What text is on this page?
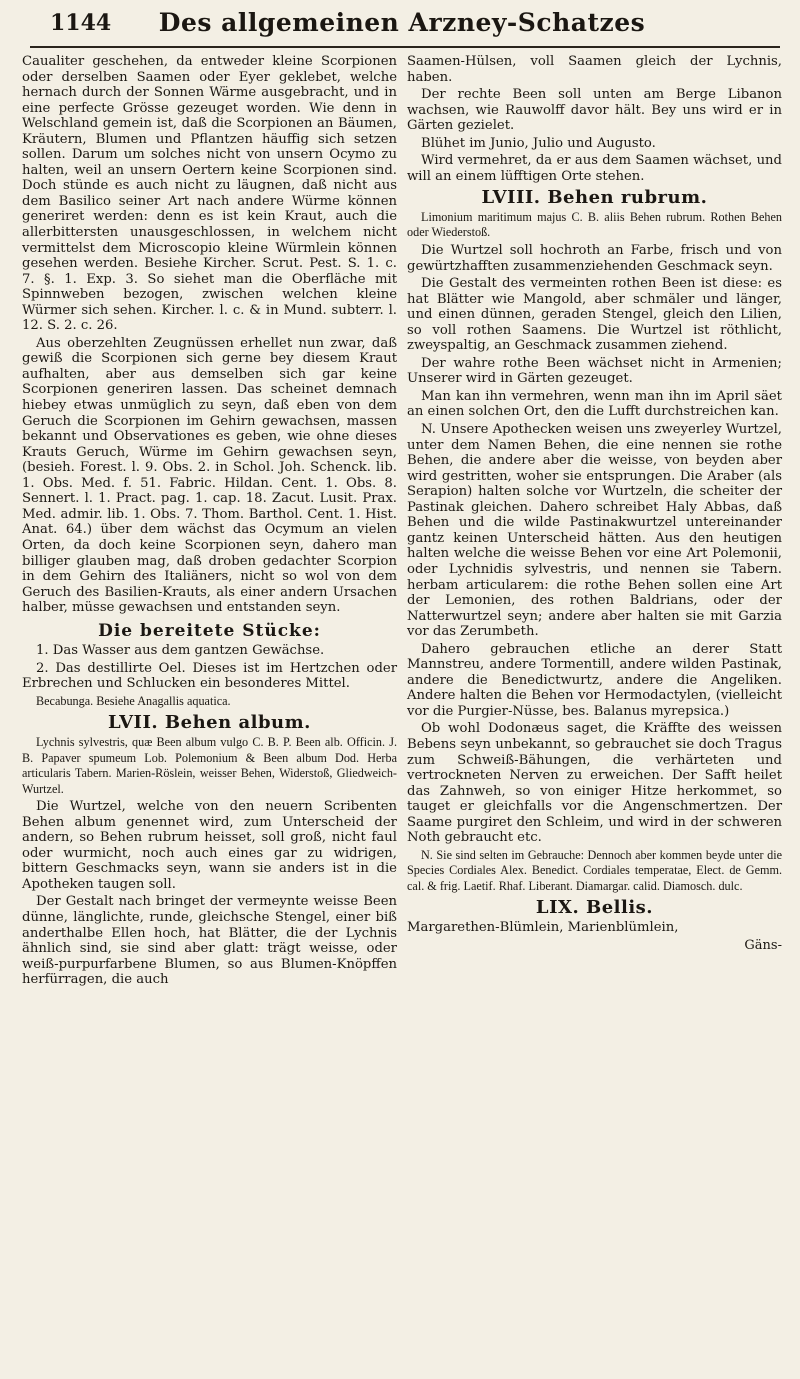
1144	Des allgemeinen Arzney-Schatzes

Caualiter geschehen, da entweder kleine Scorpionen oder derselben Saamen oder Eyer geklebet, welche hernach durch der Sonnen Wärme ausgebracht, und in eine perfecte Grösse gezeuget worden. Wie denn in Welschland gemein ist, daß die Scorpionen an Bäumen, Kräutern, Blumen und Pflantzen häuffig sich setzen sollen. Darum um solches nicht von unsern Ocymo zu halten, weil an unsern Oertern keine Scorpionen sind. Doch stünde es auch nicht zu läugnen, daß nicht aus dem Basilico seiner Art nach andere Würme können generiret werden: denn es ist kein Kraut, auch die allerbittersten unausgeschlossen, in welchem nicht vermittelst dem Microscopio kleine Würmlein können gesehen werden. Besiehe Kircher. Scrut. Pest. S. 1. c. 7. §. 1. Exp. 3. So siehet man die Oberfläche mit Spinnweben bezogen, zwischen welchen kleine Würmer sich sehen. Kircher. l. c. & in Mund. subterr. l. 12. S. 2. c. 26.

Aus oberzehlten Zeugnüssen erhellet nun zwar, daß gewiß die Scorpionen sich gerne bey diesem Kraut aufhalten, aber aus demselben sich gar keine Scorpionen generiren lassen. Das scheinet demnach hiebey etwas unmüglich zu seyn, daß eben von dem Geruch die Scorpionen im Gehirn gewachsen, massen bekannt und Observationes es geben, wie ohne dieses Krauts Geruch, Würme im Gehirn gewachsen seyn, (besieh. Forest. l. 9. Obs. 2. in Schol. Joh. Schenck. lib. 1. Obs. Med. f. 51. Fabric. Hildan. Cent. 1. Obs. 8. Sennert. l. 1. Pract. pag. 1. cap. 18. Zacut. Lusit. Prax. Med. admir. lib. 1. Obs. 7. Thom. Barthol. Cent. 1. Hist. Anat. 64.) über dem wächst das Ocymum an vielen Orten, da doch keine Scorpionen seyn, dahero man billiger glauben mag, daß droben gedachter Scorpion in dem Gehirn des Italiäners, nicht so wol von dem Geruch des Basilien-Krauts, als einer andern Ursachen halber, müsse gewachsen und entstanden seyn.

Die bereitete Stücke:

1. Das Wasser aus dem gantzen Gewächse.

2. Das destillirte Oel. Dieses ist im Hertzchen oder Erbrechen und Schlucken ein besonderes Mittel.

Becabunga. Besiehe Anagallis aquatica.

LVII. Behen album.

Lychnis sylvestris, quæ Been album vulgo C. B. P. Been alb. Officin. J. B. Papaver spumeum Lob. Polemonium & Been album Dod. Herba articularis Tabern. Marien-Röslein, weisser Behen, Widerstoß, Gliedweich-Wurtzel.

Die Wurtzel, welche von den neuern Scribenten Behen album genennet wird, zum Unterscheid der andern, so Behen rubrum heisset, soll groß, nicht faul oder wurmicht, noch auch eines gar zu widrigen, bittern Geschmacks seyn, wann sie anders ist in die Apotheken taugen soll.

Der Gestalt nach bringet der vermeynte weisse Been dünne, länglichte, runde, gleichsche Stengel, einer biß anderthalbe Ellen hoch, hat Blätter, die der Lychnis ähnlich sind, sie sind aber glatt: trägt weisse, oder weiß-purpurfarbene Blumen, so aus Blumen-Knöpffen herfürragen, die auch

Saamen-Hülsen, voll Saamen gleich der Lychnis, haben.

Der rechte Been soll unten am Berge Libanon wachsen, wie Rauwolff davor hält. Bey uns wird er in Gärten gezielet.

Blühet im Junio, Julio und Augusto.

Wird vermehret, da er aus dem Saamen wächset, und will an einem lüfftigen Orte stehen.

LVIII. Behen rubrum.

Limonium maritimum majus C. B. aliis Behen rubrum. Rothen Behen oder Wiederstoß.

Die Wurtzel soll hochroth an Farbe, frisch und von gewürtzhafften zusammenziehenden Geschmack seyn.

Die Gestalt des vermeinten rothen Been ist diese: es hat Blätter wie Mangold, aber schmäler und länger, und einen dünnen, geraden Stengel, gleich den Lilien, so voll rothen Saamens. Die Wurtzel ist röthlicht, zweyspaltig, an Geschmack zusammen ziehend.

Der wahre rothe Been wächset nicht in Armenien; Unserer wird in Gärten gezeuget.

Man kan ihn vermehren, wenn man ihn im April säet an einen solchen Ort, den die Lufft durchstreichen kan.

N. Unsere Apothecken weisen uns zweyerley Wurtzel, unter dem Namen Behen, die eine nennen sie rothe Behen, die andere aber die weisse, von beyden aber wird gestritten, woher sie entsprungen. Die Araber (als Serapion) halten solche vor Wurtzeln, die scheiter der Pastinak gleichen. Dahero schreibet Haly Abbas, daß Behen und die wilde Pastinakwurtzel untereinander gantz keinen Unterscheid hätten. Aus den heutigen halten welche die weisse Behen vor eine Art Polemonii, oder Lychnidis sylvestris, und nennen sie Tabern. herbam articularem: die rothe Behen sollen eine Art der Lemonien, des rothen Baldrians, oder der Natterwurtzel seyn; andere aber halten sie mit Garzia vor das Zerumbeth.

Dahero gebrauchen etliche an derer Statt Mannstreu, andere Tormentill, andere wilden Pastinak, andere die Benedictwurtz, andere die Angeliken. Andere halten die Behen vor Hermodactylen, (vielleicht vor die Purgier-Nüsse, bes. Balanus myrepsica.)

Ob wohl Dodonæus saget, die Kräffte des weissen Bebens seyn unbekannt, so gebrauchet sie doch Tragus zum Schweiß-Bähungen, die verhärteten und vertrockneten Nerven zu erweichen. Der Safft heilet das Zahnweh, so von einiger Hitze herkommet, so tauget er gleichfalls vor die Angenschmertzen. Der Saame purgiret den Schleim, und wird in der schweren Noth gebraucht etc.

N. Sie sind selten im Gebrauche: Dennoch aber kommen beyde unter die Species Cordiales Alex. Benedict. Cordiales temperatae, Elect. de Gemm. cal. & frig. Laetif. Rhaf. Liberant. Diamargar. calid. Diamosch. dulc.

LIX. Bellis.

Margarethen-Blümlein, Marienblümlein,

Gäns-
